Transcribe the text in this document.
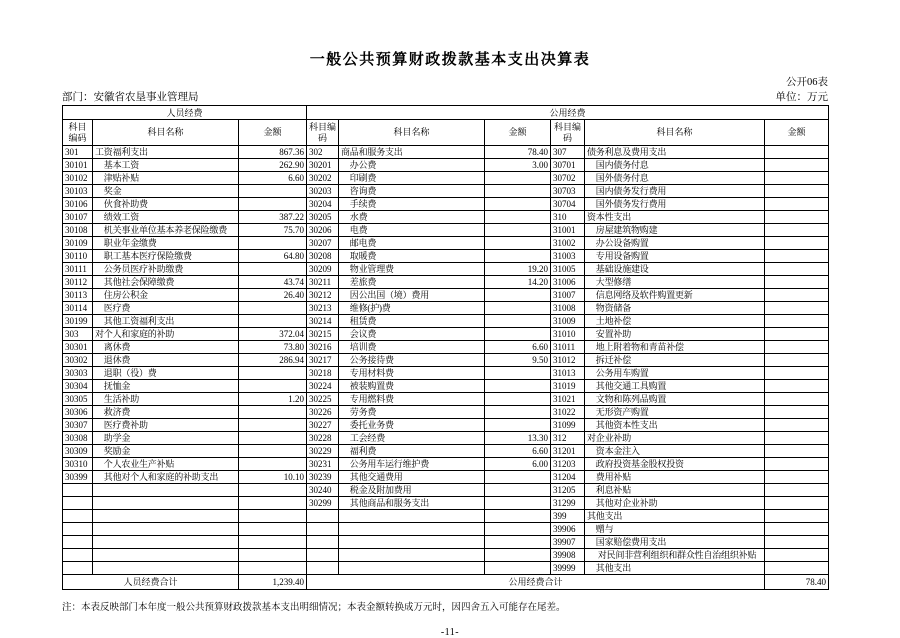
一般公共预算财政拨款基本支出决算表
公开06表
部门：安徽省农垦事业管理局	单位：万元
人员经费			公用经费					
科目编码	科目名称	金额	科目编码	科目名称	金额	科目编码	科目名称	金额
301	工资福利支出	867.36	302	商品和服务支出	78.40	307	债务利息及费用支出	
30101	　基本工资	262.90	30201	　办公费	3.00	30701	　国内债务付息	
30102	　津贴补贴	6.60	30202	　印刷费		30702	　国外债务付息	
30103	　奖金		30203	　咨询费		30703	　国内债务发行费用	
30106	　伙食补助费		30204	　手续费		30704	　国外债务发行费用	
30107	　绩效工资	387.22	30205	　水费		310	资本性支出	
30108	　机关事业单位基本养老保险缴费	75.70	30206	　电费		31001	　房屋建筑物购建	
30109	　职业年金缴费		30207	　邮电费		31002	　办公设备购置	
30110	　职工基本医疗保险缴费	64.80	30208	　取暖费		31003	　专用设备购置	
30111	　公务员医疗补助缴费		30209	　物业管理费	19.20	31005	　基础设施建设	
30112	　其他社会保障缴费	43.74	30211	　差旅费	14.20	31006	　大型修缮	
30113	　住房公积金	26.40	30212	　因公出国（境）费用		31007	　信息网络及软件购置更新	
30114	　医疗费		30213	　维修(护)费		31008	　物资储备	
30199	　其他工资福利支出		30214	　租赁费		31009	　土地补偿	
303	对个人和家庭的补助	372.04	30215	　会议费		31010	　安置补助	
30301	　离休费	73.80	30216	　培训费	6.60	31011	　地上附着物和青苗补偿	
30302	　退休费	286.94	30217	　公务接待费	9.50	31012	　拆迁补偿	
30303	　退职（役）费		30218	　专用材料费		31013	　公务用车购置	
30304	　抚恤金		30224	　被装购置费		31019	　其他交通工具购置	
30305	　生活补助	1.20	30225	　专用燃料费		31021	　文物和陈列品购置	
30306	　救济费		30226	　劳务费		31022	　无形资产购置	
30307	　医疗费补助		30227	　委托业务费		31099	　其他资本性支出	
30308	　助学金		30228	　工会经费	13.30	312	对企业补助	
30309	　奖励金		30229	　福利费	6.60	31201	　资本金注入	
30310	　个人农业生产补贴		30231	　公务用车运行维护费	6.00	31203	　政府投资基金股权投资	
30399	　其他对个人和家庭的补助支出	10.10	30239	　其他交通费用		31204	　费用补贴	
			30240	　税金及附加费用		31205	　利息补贴	
			30299	　其他商品和服务支出		31299	　其他对企业补助	
						399	其他支出	
						39906	　赠与	
						39907	　国家赔偿费用支出	
						39908	　 对民间非营利组织和群众性自治组织补贴	
						39999	　其他支出	
人员经费合计		1,239.40	公用经费合计					78.40
注：本表反映部门本年度一般公共预算财政拨款基本支出明细情况；本表金额转换成万元时，因四舍五入可能存在尾差。
-11-
